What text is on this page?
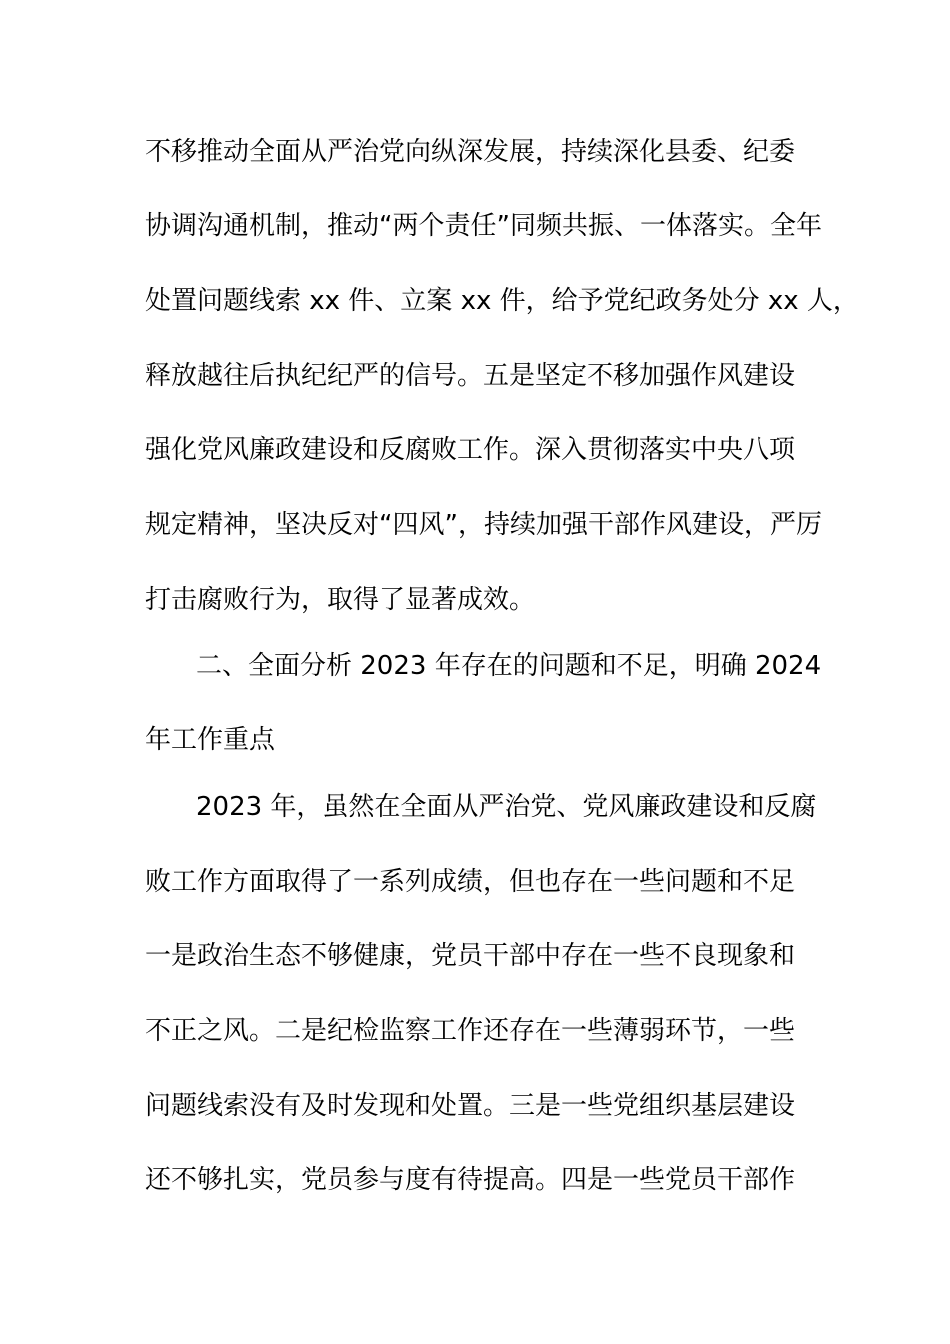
不移推动全面从严治党向纵深发展，持续深化县委、纪委
协调沟通机制，推动“两个责任”同频共振、一体落实。全年
处置问题线索 xx 件、立案 xx 件，给予党纪政务处分 xx 人，
释放越往后执纪纪严的信号。五是坚定不移加强作风建设
强化党风廉政建设和反腐败工作。深入贯彻落实中央八项
规定精神，坚决反对“四风”，持续加强干部作风建设，严厉
打击腐败行为，取得了显著成效。
二、全面分析 2023 年存在的问题和不足，明确 2024
年工作重点
2023 年，虽然在全面从严治党、党风廉政建设和反腐
败工作方面取得了一系列成绩，但也存在一些问题和不足
一是政治生态不够健康，党员干部中存在一些不良现象和
不正之风。二是纪检监察工作还存在一些薄弱环节，一些
问题线索没有及时发现和处置。三是一些党组织基层建设
还不够扎实，党员参与度有待提高。四是一些党员干部作
